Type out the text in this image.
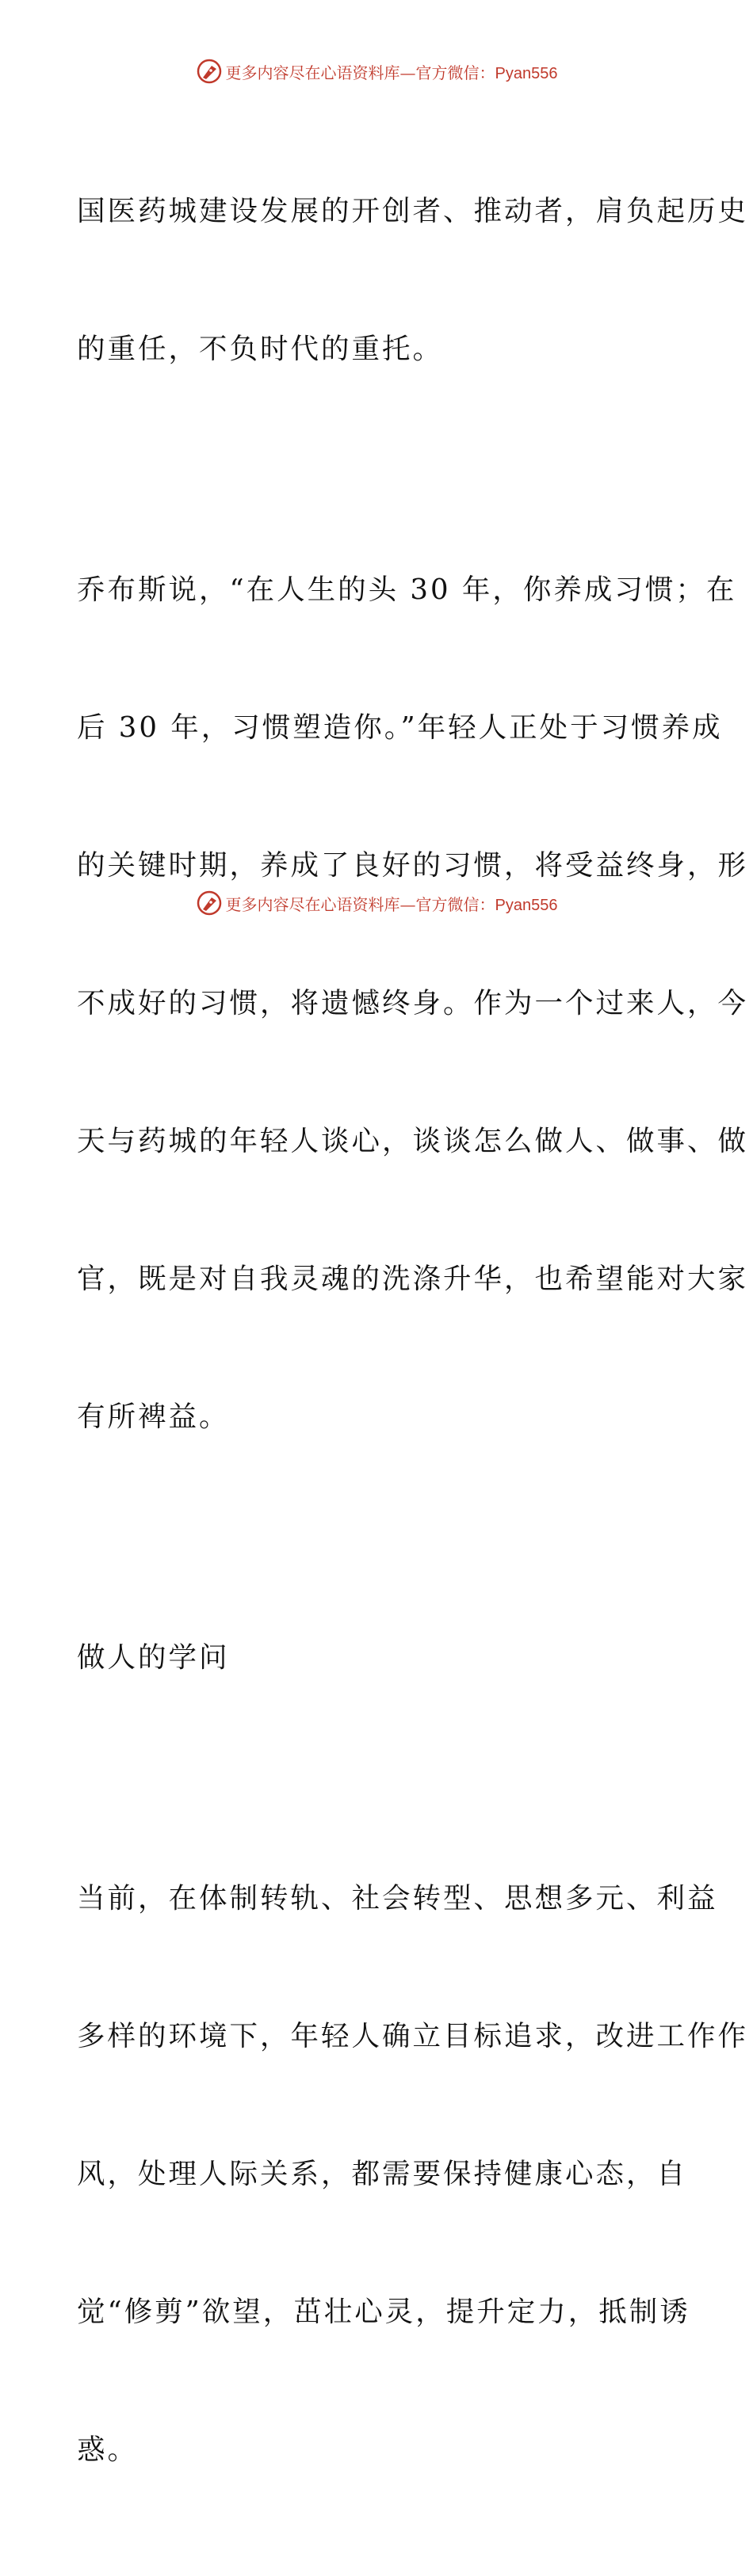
更多内容尽在心语资料库—官方微信：Pyan556

国医药城建设发展的开创者、推动者，肩负起历史

的重任，不负时代的重托。

乔布斯说，“在人生的头 30 年，你养成习惯；在

后 30 年，习惯塑造你。”年轻人正处于习惯养成

的关键时期，养成了良好的习惯，将受益终身，形

不成好的习惯，将遗憾终身。作为一个过来人，今

天与药城的年轻人谈心，谈谈怎么做人、做事、做

官，既是对自我灵魂的洗涤升华，也希望能对大家

有所裨益。

做人的学问

当前，在体制转轨、社会转型、思想多元、利益

多样的环境下，年轻人确立目标追求，改进工作作

风，处理人际关系，都需要保持健康心态，自

觉“修剪”欲望，茁壮心灵，提升定力，抵制诱

惑。

更多内容尽在心语资料库—官方微信：Pyan556
